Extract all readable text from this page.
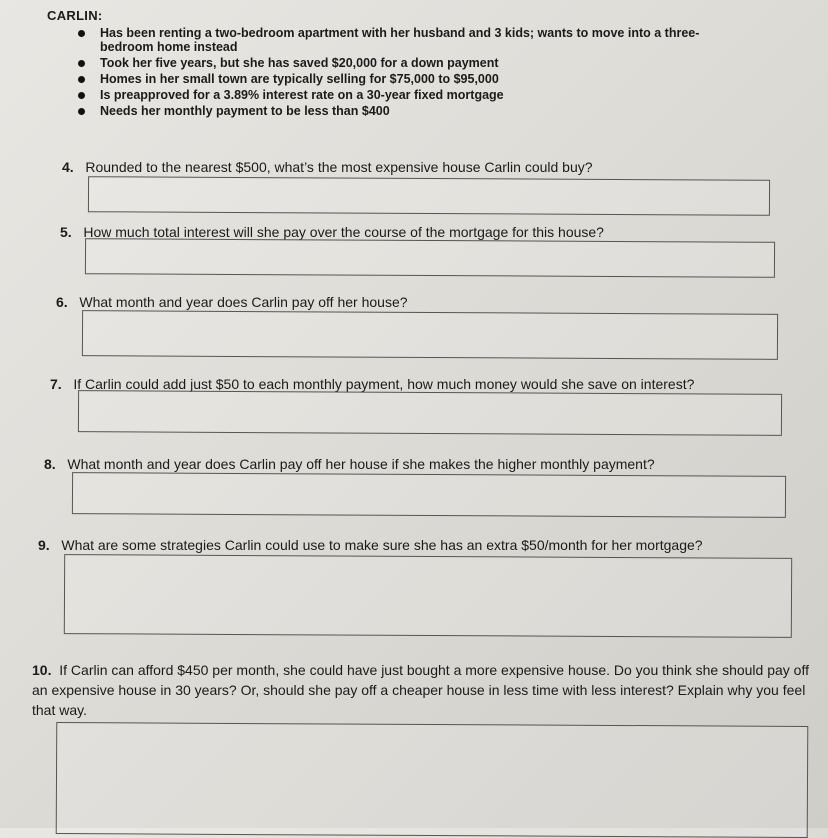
CARLIN:
Has been renting a two-bedroom apartment with her husband and 3 kids; wants to move into a three-bedroom home instead
Took her five years, but she has saved $20,000 for a down payment
Homes in her small town are typically selling for $75,000 to $95,000
Is preapproved for a 3.89% interest rate on a 30-year fixed mortgage
Needs her monthly payment to be less than $400
4. Rounded to the nearest $500, what’s the most expensive house Carlin could buy?
5. How much total interest will she pay over the course of the mortgage for this house?
6. What month and year does Carlin pay off her house?
7. If Carlin could add just $50 to each monthly payment, how much money would she save on interest?
8. What month and year does Carlin pay off her house if she makes the higher monthly payment?
9. What are some strategies Carlin could use to make sure she has an extra $50/month for her mortgage?
10. If Carlin can afford $450 per month, she could have just bought a more expensive house. Do you think she should pay off an expensive house in 30 years? Or, should she pay off a cheaper house in less time with less interest? Explain why you feel that way.
